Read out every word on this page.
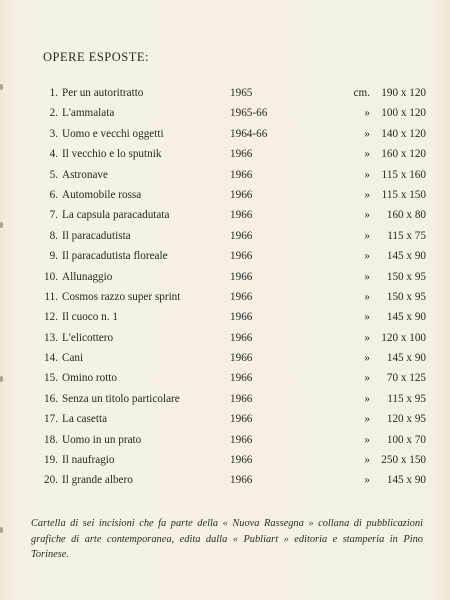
OPERE ESPOSTE:
1. Per un autoritratto	1965	cm. 190 x 120
2. L'ammalata	1965-66	» 100 x 120
3. Uomo e vecchi oggetti	1964-66	» 140 x 120
4. Il vecchio e lo sputnik	1966	» 160 x 120
5. Astronave	1966	» 115 x 160
6. Automobile rossa	1966	» 115 x 150
7. La capsula paracadutata	1966	» 160 x 80
8. Il paracadutista	1966	» 115 x 75
9. Il paracadutista floreale	1966	» 145 x 90
10. Allunaggio	1966	» 150 x 95
11. Cosmos razzo super sprint	1966	» 150 x 95
12. Il cuoco n. 1	1966	» 145 x 90
13. L'elicottero	1966	» 120 x 100
14. Cani	1966	» 145 x 90
15. Omino rotto	1966	» 70 x 125
16. Senza un titolo particolare	1966	» 115 x 95
17. La casetta	1966	» 120 x 95
18. Uomo in un prato	1966	» 100 x 70
19. Il naufragio	1966	» 250 x 150
20. Il grande albero	1966	» 145 x 90
Cartella di sei incisioni che fa parte della « Nuova Rassegna » collana di pubblicazioni grafiche di arte contemporanea, edita dalla « Publiart » editoria e stamperia in Pino Torinese.
